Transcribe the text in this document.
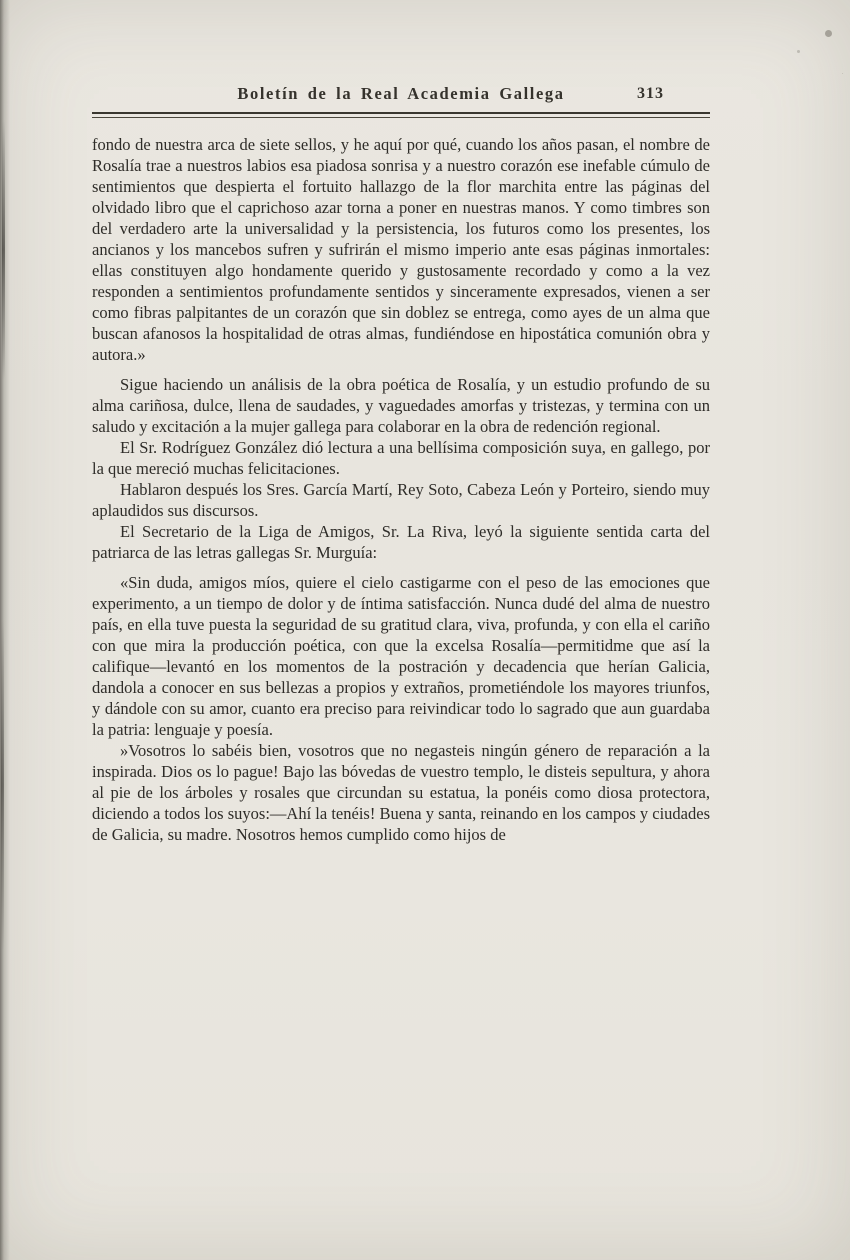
Boletín de la Real Academia Gallega	313

fondo de nuestra arca de siete sellos, y he aquí por qué, cuando los años pasan, el nombre de Rosalía trae a nuestros labios esa piadosa sonrisa y a nuestro corazón ese inefable cúmulo de sentimientos que despierta el fortuito hallazgo de la flor marchita entre las páginas del olvidado libro que el caprichoso azar torna a poner en nuestras manos. Y como timbres son del verdadero arte la universalidad y la persistencia, los futuros como los presentes, los ancianos y los mancebos sufren y sufrirán el mismo imperio ante esas páginas inmortales: ellas constituyen algo hondamente querido y gustosamente recordado y como a la vez responden a sentimientos profundamente sentidos y sinceramente expresados, vienen a ser como fibras palpitantes de un corazón que sin doblez se entrega, como ayes de un alma que buscan afanosos la hospitalidad de otras almas, fundiéndose en hipostática comunión obra y autora.»

Sigue haciendo un análisis de la obra poética de Rosalía, y un estudio profundo de su alma cariñosa, dulce, llena de saudades, y vaguedades amorfas y tristezas, y termina con un saludo y excitación a la mujer gallega para colaborar en la obra de redención regional.

El Sr. Rodríguez González dió lectura a una bellísima composición suya, en gallego, por la que mereció muchas felicitaciones.

Hablaron después los Sres. García Martí, Rey Soto, Cabeza León y Porteiro, siendo muy aplaudidos sus discursos.

El Secretario de la Liga de Amigos, Sr. La Riva, leyó la siguiente sentida carta del patriarca de las letras gallegas Sr. Murguía:

«Sin duda, amigos míos, quiere el cielo castigarme con el peso de las emociones que experimento, a un tiempo de dolor y de íntima satisfacción. Nunca dudé del alma de nuestro país, en ella tuve puesta la seguridad de su gratitud clara, viva, profunda, y con ella el cariño con que mira la producción poética, con que la excelsa Rosalía—permitidme que así la califique—levantó en los momentos de la postración y decadencia que herían Galicia, dandola a conocer en sus bellezas a propios y extraños, prometiéndole los mayores triunfos, y dándole con su amor, cuanto era preciso para reivindicar todo lo sagrado que aun guardaba la patria: lenguaje y poesía.

»Vosotros lo sabéis bien, vosotros que no negasteis ningún género de reparación a la inspirada. Dios os lo pague! Bajo las bóvedas de vuestro templo, le disteis sepultura, y ahora al pie de los árboles y rosales que circundan su estatua, la ponéis como diosa protectora, diciendo a todos los suyos:—Ahí la tenéis! Buena y santa, reinando en los campos y ciudades de Galicia, su madre. Nosotros hemos cumplido como hijos de
